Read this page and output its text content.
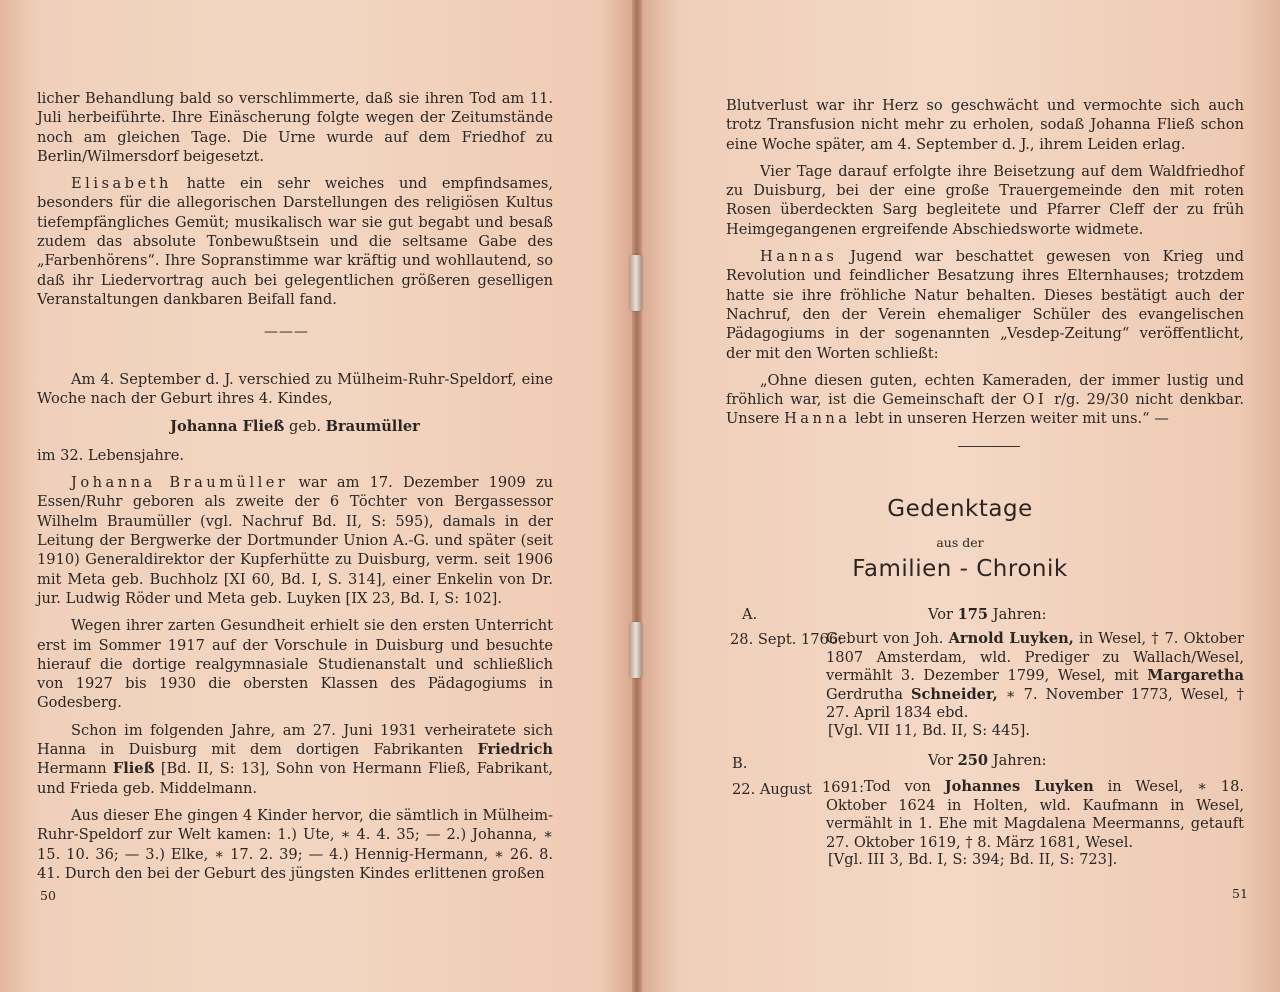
licher Behandlung bald so verschlimmerte, daß sie ihren Tod am 11. Juli herbeiführte. Ihre Einäscherung folgte wegen der Zeitumstände noch am gleichen Tage. Die Urne wurde auf dem Friedhof zu Berlin/Wilmersdorf beigesetzt.

Elisabeth hatte ein sehr weiches und empfindsames, besonders für die allegorischen Darstellungen des religiösen Kultus tiefempfängliches Gemüt; musikalisch war sie gut begabt und besaß zudem das absolute Tonbewußtsein und die seltsame Gabe des „Farbenhörens“. Ihre Sopranstimme war kräftig und wohllautend, so daß ihr Liedervortrag auch bei gelegentlichen größeren geselligen Veranstaltungen dankbaren Beifall fand.

———

Am 4. September d. J. verschied zu Mülheim-Ruhr-Speldorf, eine Woche nach der Geburt ihres 4. Kindes,

Johanna Fließ geb. Braumüller

im 32. Lebensjahre.

Johanna Braumüller war am 17. Dezember 1909 zu Essen/Ruhr geboren als zweite der 6 Töchter von Bergassessor Wilhelm Braumüller (vgl. Nachruf Bd. II, S: 595), damals in der Leitung der Bergwerke der Dortmunder Union A.-G. und später (seit 1910) Generaldirektor der Kupferhütte zu Duisburg, verm. seit 1906 mit Meta geb. Buchholz [XI 60, Bd. I, S. 314], einer Enkelin von Dr. jur. Ludwig Röder und Meta geb. Luyken [IX 23, Bd. I, S: 102].

Wegen ihrer zarten Gesundheit erhielt sie den ersten Unterricht erst im Sommer 1917 auf der Vorschule in Duisburg und besuchte hierauf die dortige realgymnasiale Studienanstalt und schließlich von 1927 bis 1930 die obersten Klassen des Pädagogiums in Godesberg.

Schon im folgenden Jahre, am 27. Juni 1931 verheiratete sich Hanna in Duisburg mit dem dortigen Fabrikanten Friedrich Hermann Fließ [Bd. II, S: 13], Sohn von Hermann Fließ, Fabrikant, und Frieda geb. Middelmann.

Aus dieser Ehe gingen 4 Kinder hervor, die sämtlich in Mülheim-Ruhr-Speldorf zur Welt kamen: 1.) Ute, ∗ 4. 4. 35; — 2.) Johanna, ∗ 15. 10. 36; — 3.) Elke, ∗ 17. 2. 39; — 4.) Hennig-Hermann, ∗ 26. 8. 41. Durch den bei der Geburt des jüngsten Kindes erlittenen großen

50

Blutverlust war ihr Herz so geschwächt und vermochte sich auch trotz Transfusion nicht mehr zu erholen, sodaß Johanna Fließ schon eine Woche später, am 4. September d. J., ihrem Leiden erlag.

Vier Tage darauf erfolgte ihre Beisetzung auf dem Waldfriedhof zu Duisburg, bei der eine große Trauergemeinde den mit roten Rosen überdeckten Sarg begleitete und Pfarrer Cleff der zu früh Heimgegangenen ergreifende Abschiedsworte widmete.

Hannas Jugend war beschattet gewesen von Krieg und Revolution und feindlicher Besatzung ihres Elternhauses; trotzdem hatte sie ihre fröhliche Natur behalten. Dieses bestätigt auch der Nachruf, den der Verein ehemaliger Schüler des evangelischen Pädagogiums in der sogenannten „Vesdep-Zeitung“ veröffentlicht, der mit den Worten schließt:

„Ohne diesen guten, echten Kameraden, der immer lustig und fröhlich war, ist die Gemeinschaft der OI r/g. 29/30 nicht denkbar. Unsere Hanna lebt in unseren Herzen weiter mit uns.“ —

Gedenktage
aus der
Familien - Chronik
A.	Vor 175 Jahren:
28. Sept. 1766:
Geburt von Joh. Arnold Luyken, in Wesel, † 7. Oktober 1807 Amsterdam, wld. Prediger zu Wallach/Wesel, vermählt 3. Dezember 1799, Wesel, mit Margaretha Gerdrutha Schneider, ∗ 7. November 1773, Wesel, † 27. April 1834 ebd.
[Vgl. VII 11, Bd. II, S: 445].
B.	Vor 250 Jahren:
22. August 1691: Tod von Johannes Luyken in Wesel, ∗ 18. Oktober 1624 in Holten, wld. Kaufmann in Wesel, vermählt in 1. Ehe mit Magdalena Meermanns, getauft 27. Oktober 1619, † 8. März 1681, Wesel.
[Vgl. III 3, Bd. I, S: 394; Bd. II, S: 723].
51
